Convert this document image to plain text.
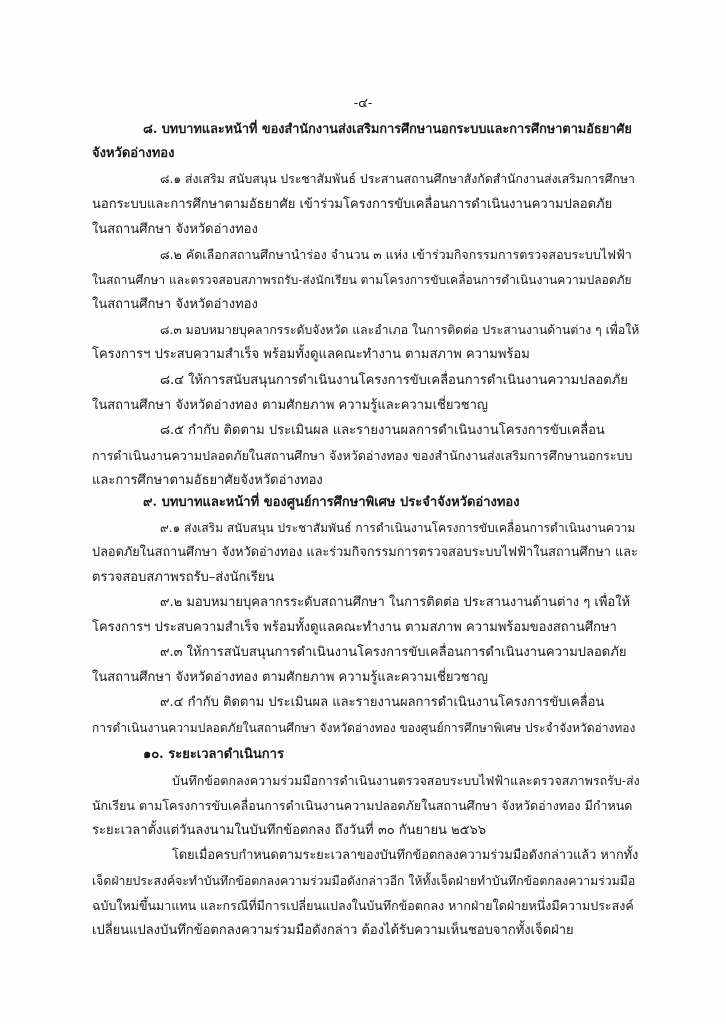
-๔-
๘. บทบาทและหน้าที่ ของสำนักงานส่งเสริมการศึกษานอกระบบและการศึกษาตามอัธยาศัย
จังหวัดอ่างทอง
๘.๑ ส่งเสริม สนับสนุน ประชาสัมพันธ์ ประสานสถานศึกษาสังกัดสำนักงานส่งเสริมการศึกษา
นอกระบบและการศึกษาตามอัธยาศัย เข้าร่วมโครงการขับเคลื่อนการดำเนินงานความปลอดภัย
ในสถานศึกษา จังหวัดอ่างทอง
๘.๒ คัดเลือกสถานศึกษานำร่อง จำนวน ๓ แห่ง เข้าร่วมกิจกรรมการตรวจสอบระบบไฟฟ้า
ในสถานศึกษา และตรวจสอบสภาพรถรับ-ส่งนักเรียน ตามโครงการขับเคลื่อนการดำเนินงานความปลอดภัย
ในสถานศึกษา จังหวัดอ่างทอง
๘.๓ มอบหมายบุคลากรระดับจังหวัด และอำเภอ ในการติดต่อ ประสานงานด้านต่าง ๆ เพื่อให้
โครงการฯ ประสบความสำเร็จ พร้อมทั้งดูแลคณะทำงาน ตามสภาพ ความพร้อม
๘.๔ ให้การสนับสนุนการดำเนินงานโครงการขับเคลื่อนการดำเนินงานความปลอดภัย
ในสถานศึกษา จังหวัดอ่างทอง ตามศักยภาพ ความรู้และความเชี่ยวชาญ
๘.๕ กำกับ ติดตาม ประเมินผล และรายงานผลการดำเนินงานโครงการขับเคลื่อน
การดำเนินงานความปลอดภัยในสถานศึกษา จังหวัดอ่างทอง ของสำนักงานส่งเสริมการศึกษานอกระบบ
และการศึกษาตามอัธยาศัยจังหวัดอ่างทอง
๙. บทบาทและหน้าที่ ของศูนย์การศึกษาพิเศษ ประจำจังหวัดอ่างทอง
๙.๑ ส่งเสริม สนับสนุน ประชาสัมพันธ์ การดำเนินงานโครงการขับเคลื่อนการดำเนินงานความ
ปลอดภัยในสถานศึกษา จังหวัดอ่างทอง และร่วมกิจกรรมการตรวจสอบระบบไฟฟ้าในสถานศึกษา และ
ตรวจสอบสภาพรถรับ–ส่งนักเรียน
๙.๒ มอบหมายบุคลากรระดับสถานศึกษา ในการติดต่อ ประสานงานด้านต่าง ๆ เพื่อให้
โครงการฯ ประสบความสำเร็จ พร้อมทั้งดูแลคณะทำงาน ตามสภาพ ความพร้อมของสถานศึกษา
๙.๓ ให้การสนับสนุนการดำเนินงานโครงการขับเคลื่อนการดำเนินงานความปลอดภัย
ในสถานศึกษา จังหวัดอ่างทอง ตามศักยภาพ ความรู้และความเชี่ยวชาญ
๙.๔ กำกับ ติดตาม ประเมินผล และรายงานผลการดำเนินงานโครงการขับเคลื่อน
การดำเนินงานความปลอดภัยในสถานศึกษา จังหวัดอ่างทอง ของศูนย์การศึกษาพิเศษ ประจำจังหวัดอ่างทอง
๑๐. ระยะเวลาดำเนินการ
บันทึกข้อตกลงความร่วมมือการดำเนินงานตรวจสอบระบบไฟฟ้าและตรวจสภาพรถรับ-ส่ง
นักเรียน ตามโครงการขับเคลื่อนการดำเนินงานความปลอดภัยในสถานศึกษา จังหวัดอ่างทอง มีกำหนด
ระยะเวลาตั้งแต่วันลงนามในบันทึกข้อตกลง ถึงวันที่ ๓๐ กันยายน ๒๕๖๖
โดยเมื่อครบกำหนดตามระยะเวลาของบันทึกข้อตกลงความร่วมมือดังกล่าวแล้ว หากทั้ง
เจ็ดฝ่ายประสงค์จะทำบันทึกข้อตกลงความร่วมมือดังกล่าวอีก ให้ทั้งเจ็ดฝ่ายทำบันทึกข้อตกลงความร่วมมือ
ฉบับใหม่ขึ้นมาแทน และกรณีที่มีการเปลี่ยนแปลงในบันทึกข้อตกลง หากฝ่ายใดฝ่ายหนึ่งมีความประสงค์
เปลี่ยนแปลงบันทึกข้อตกลงความร่วมมือดังกล่าว ต้องได้รับความเห็นชอบจากทั้งเจ็ดฝ่าย
